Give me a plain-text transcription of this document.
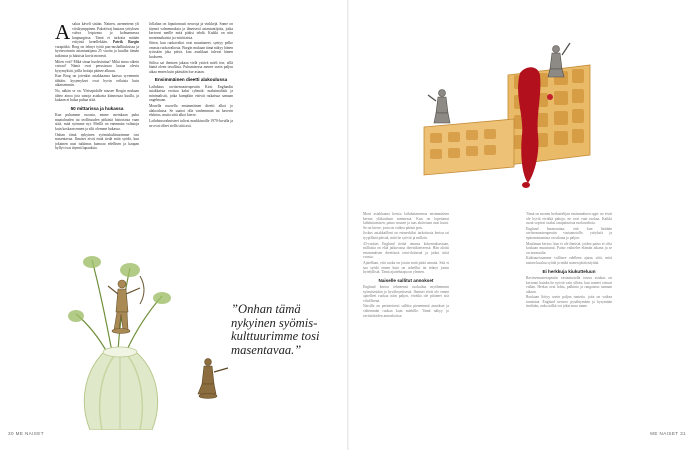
Asakas käveli sisään. Nainen, asennetenn yli viisikymppinen. Pakotiivaj hautaus yrityksen vahva leipiomo: jo kolmannessa kaupungissa. Tämä ei tarkoita mitään erityistä kenellekään. Patrik Borgin varapäikö. Borg on tehnyt työtä pan-nushallituksissa ja hyvinvoinnin asiantuntijana 25 vuotta ja kuullut tämän tutkintoa ja lukuisia kuvia monesti.

Miten voit? Mikä sinua huolestuttaa? Mikä sinua oikein vaivaa? Nämä ovat perustavaa laatua olevia kysymyksiä, joilla hoitaja pääsee alkuun.

Kun Borg on jotenkin asiakkaansa kanssa syvemmin tähtäin, kysymykset ovat hyvin erilaisia kuin aikaisemmin.

No, nähän se on. Yleisepidalle nousee Borgin mukaan iäheo ainoa jota sanoja asiakasta kiinnostaa kuulla, ja kukaan ei halua puhua siitä.

50 mittarissa ja hukassa

Kun puhumme ruoasta, emme useinkaan puhu maatalouden tai teollisuuden pitkästä historiasta vaan siitä, mitä syömme nyt. Meillä on enemmän valintoja kuin koskaan ennen ja silti olemme hukassa.

Onhan tämä nykyinen syömiskulttuurimme tosi masentavaa. Ihmiset eivät enää tiedä mitä syödä, kun jokainen uusi tutkimus kumoaa edellisen ja kaupan hyllyt ovat täynnä lupauksia.

Jollahan on loputtomasti neuvoja ja vinkkejä. Some on täynnä valmennuksia ja ilmeisesti asiantuntijoita, jotka kertovat meille mitä pitäisi tehdä. Kaikki on niin monimutkaista ja ristiriitaista.

Sitten, kun ruokavaliot ovat muuttuneet, syntyy pelko omasta ruokavaliosta. Borgin mukaan tämä näkyy hänen työssään joka päivä, kun asiakkaat tulevat hänen luokseen.

Stiltsu sai ihmisen jakaaa vielä ystävä mieli itse, sillä häntä oleen tavallisia. Puhumisessa menee usein paljon aikaa ennen kuin päästään itse asiaan.

Ensimmäinen dieetti alakoulussa

Laihdutus ravitsemusterapeutin Kirsi Englundin asiakkaista erottuu kaksi ryhmää: maksimalistit ja minimalistit, jotka kumpikin etsivät ratkaisua samaan ongelmaan.

Monella nuorella ensimmäinen dieetti alkoi jo alakoulussa. Se saattoi olla vanhemman tai kaverin ehdotus, mutta siitä alkoi kierre.

Laihdutusvalmisteet tulivat markkinoille 1970-luvulla ja ne ovat olleet siellä siitä asti.

”Onhan tämä nykyinen syömiskulttuurimme tosi masentavaa.”
30 ME NAISET

Moni asiakkaana kertoo laihduttaneensa ensimmäisen kerran yläkouluun mennessä. Kun on lopettanut laihduttamisen, paino nousee ja taas aloitetaan uusi kuuri. Se on kierre, josta on vaikea päästä pois.

Joskus asiakkailleni on esimerkiksi tarkoitusta kertoa tai tyypillistä päivää, mitä he syövät ja milloin.

43-vuotias Englund tietää omasta kokemuksestaan, millaista on elää jatkuvassa dieettikierteessä. Hän aloitti ensimmäisen dieettinsä teini-ikäisenä ja jatkoi niitä vuosia.

Ajatellaan, että ruoka on jotain mitä pitää ansaita. Sitä ei saa syödä ennen kuin on urheillut tai tehnyt jotain hyödyllistä. Tämä ajattelutapa on yleinen.

Naiselle sallitut annokset

Englund kertoo tehneensä ruokailua myöhemmin syömisestään ja hyväksymisestä. Ihmiset eivät ole ennen ajatelleet ruokaa näin paljon, eivätkä ole pitäneet sitä vihollisena.

Naisille on perinteisesti sallittu pienemmät annokset ja vähemmän ruokaa kuin miehille. Tämä näkyy jo ravintoloiden annoskoissa.

Tämä on monen herkuttelijan ensimmäinen oppi: ne eivät ole hyviä eivätkä pahoja, ne ovat vain ruokaa. Kaikki ruoat sopivat osaksi tasapainoista ruokavaliota.

Englund huomauttaa, että kun lisätään ravitsemusterapeutin vastaanotolle, yrityksiä ja epäonnistumisia on takana jo paljon.

Maaliman kertoo, kun ei ole ihmisiä, joiden paino ei olisi koskaan muuttunut. Paino vaihtelee elämän aikana ja se on normaalia.

Kulttuurissamme vallitsee edelleen ajatus siitä, mitä naisen kuuluu syödä ja miltä naisen pitää näyttää.

Ei herkkuja kiukutteluun

Ravitsemusterapeutin vastaanotolla istuva asiakas on kertonut kuinka he syövät vain silloin, kun tunteet ottavat vallan. Herkut ovat lohtu, palkinto ja rangaistus samaan aikaan.

Ruokaan liittyy usein paljon tunteita, joita on vaikea tunnistaa. Englund neuvoo pysähtymään ja kysymään itseltään, onko nälkä vai jokin muu tunne.

ME NAISET 31
